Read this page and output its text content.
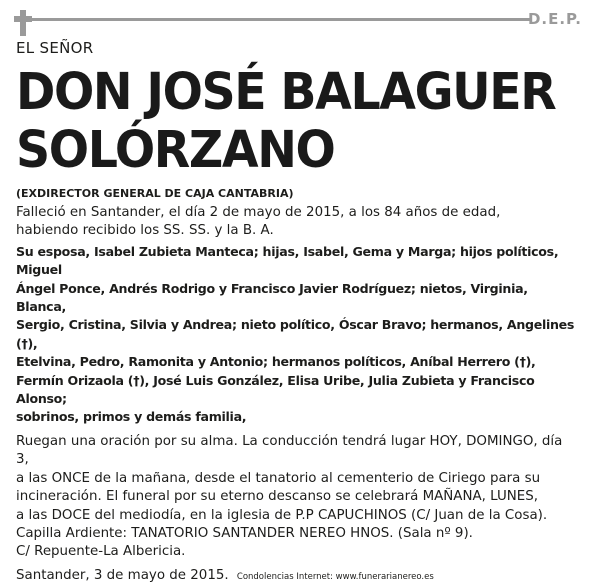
D.E.P.

EL SEÑOR

DON JOSÉ BALAGUER
SOLÓRZANO

(EXDIRECTOR GENERAL DE CAJA CANTABRIA)

Falleció en Santander, el día 2 de mayo de 2015, a los 84 años de edad,
habiendo recibido los SS. SS. y la B. A.
Su esposa, Isabel Zubieta Manteca; hijas, Isabel, Gema y Marga; hijos políticos, Miguel
Ángel Ponce, Andrés Rodrigo y Francisco Javier Rodríguez; nietos, Virginia, Blanca,
Sergio, Cristina, Silvia y Andrea; nieto político, Óscar Bravo; hermanos, Angelines (†),
Etelvina, Pedro, Ramonita y Antonio; hermanos políticos, Aníbal Herrero (†),
Fermín Orizaola (†), José Luis González, Elisa Uribe, Julia Zubieta y Francisco Alonso;
sobrinos, primos y demás familia,
Ruegan una oración por su alma. La conducción tendrá lugar HOY, DOMINGO, día 3,
a las ONCE de la mañana, desde el tanatorio al cementerio de Ciriego para su
incineración. El funeral por su eterno descanso se celebrará MAÑANA, LUNES,
a las DOCE del mediodía, en la iglesia de P.P CAPUCHINOS (C/ Juan de la Cosa).
Capilla Ardiente: TANATORIO SANTANDER NEREO HNOS. (Sala nº 9).
C/ Repuente-La Albericia.

Santander, 3 de mayo de 2015. Condolencias Internet: www.funerarianereo.es
